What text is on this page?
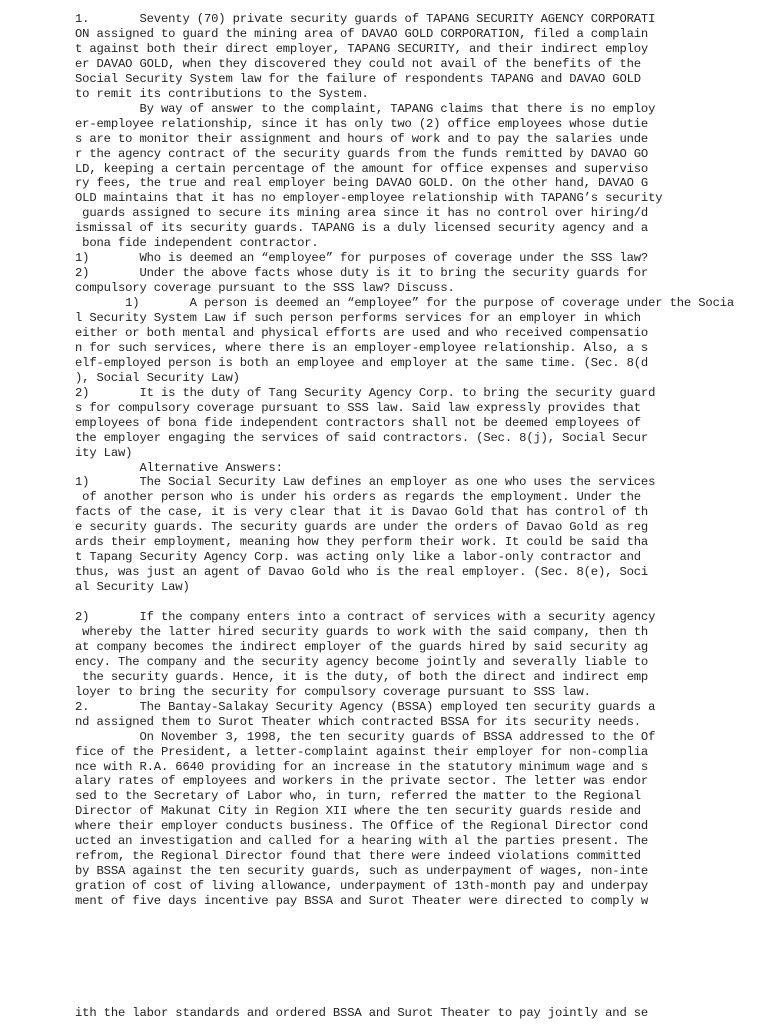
1.       Seventy (70) private security guards of TAPANG SECURITY AGENCY CORPORATI
ON assigned to guard the mining area of DAVAO GOLD CORPORATION, filed a complain
t against both their direct employer, TAPANG SECURITY, and their indirect employ
er DAVAO GOLD, when they discovered they could not avail of the benefits of the
Social Security System law for the failure of respondents TAPANG and DAVAO GOLD
to remit its contributions to the System.
By way of answer to the complaint, TAPANG claims that there is no employ
er-employee relationship, since it has only two (2) office employees whose dutie
s are to monitor their assignment and hours of work and to pay the salaries unde
r the agency contract of the security guards from the funds remitted by DAVAO GO
LD, keeping a certain percentage of the amount for office expenses and superviso
ry fees, the true and real employer being DAVAO GOLD. On the other hand, DAVAO G
OLD maintains that it has no employer-employee relationship with TAPANG’s security
guards assigned to secure its mining area since it has no control over hiring/d
ismissal of its security guards. TAPANG is a duly licensed security agency and a
bona fide independent contractor.
1)       Who is deemed an “employee” for purposes of coverage under the SSS law?
2)       Under the above facts whose duty is it to bring the security guards for
compulsory coverage pursuant to the SSS law? Discuss.
1)       A person is deemed an “employee” for the purpose of coverage under the Socia
l Security System Law if such person performs services for an employer in which
either or both mental and physical efforts are used and who received compensatio
n for such services, where there is an employer-employee relationship. Also, a s
elf-employed person is both an employee and employer at the same time. (Sec. 8(d
), Social Security Law)
2)       It is the duty of Tang Security Agency Corp. to bring the security guard
s for compulsory coverage pursuant to SSS law. Said law expressly provides that
employees of bona fide independent contractors shall not be deemed employees of
the employer engaging the services of said contractors. (Sec. 8(j), Social Secur
ity Law)
Alternative Answers:
1)       The Social Security Law defines an employer as one who uses the services
of another person who is under his orders as regards the employment. Under the
facts of the case, it is very clear that it is Davao Gold that has control of th
e security guards. The security guards are under the orders of Davao Gold as reg
ards their employment, meaning how they perform their work. It could be said tha
t Tapang Security Agency Corp. was acting only like a labor-only contractor and
thus, was just an agent of Davao Gold who is the real employer. (Sec. 8(e), Soci
al Security Law)
2)       If the company enters into a contract of services with a security agency
whereby the latter hired security guards to work with the said company, then th
at company becomes the indirect employer of the guards hired by said security ag
ency. The company and the security agency become jointly and severally liable to
the security guards. Hence, it is the duty, of both the direct and indirect emp
loyer to bring the security for compulsory coverage pursuant to SSS law.
2.       The Bantay-Salakay Security Agency (BSSA) employed ten security guards a
nd assigned them to Surot Theater which contracted BSSA for its security needs.
On November 3, 1998, the ten security guards of BSSA addressed to the Of
fice of the President, a letter-complaint against their employer for non-complia
nce with R.A. 6640 providing for an increase in the statutory minimum wage and s
alary rates of employees and workers in the private sector. The letter was endor
sed to the Secretary of Labor who, in turn, referred the matter to the Regional
Director of Makunat City in Region XII where the ten security guards reside and
where their employer conducts business. The Office of the Regional Director cond
ucted an investigation and called for a hearing with al the parties present. The
refrom, the Regional Director found that there were indeed violations committed
by BSSA against the ten security guards, such as underpayment of wages, non-inte
gration of cost of living allowance, underpayment of 13th-month pay and underpay
ment of five days incentive pay BSSA and Surot Theater were directed to comply w
ith the labor standards and ordered BSSA and Surot Theater to pay jointly and se
